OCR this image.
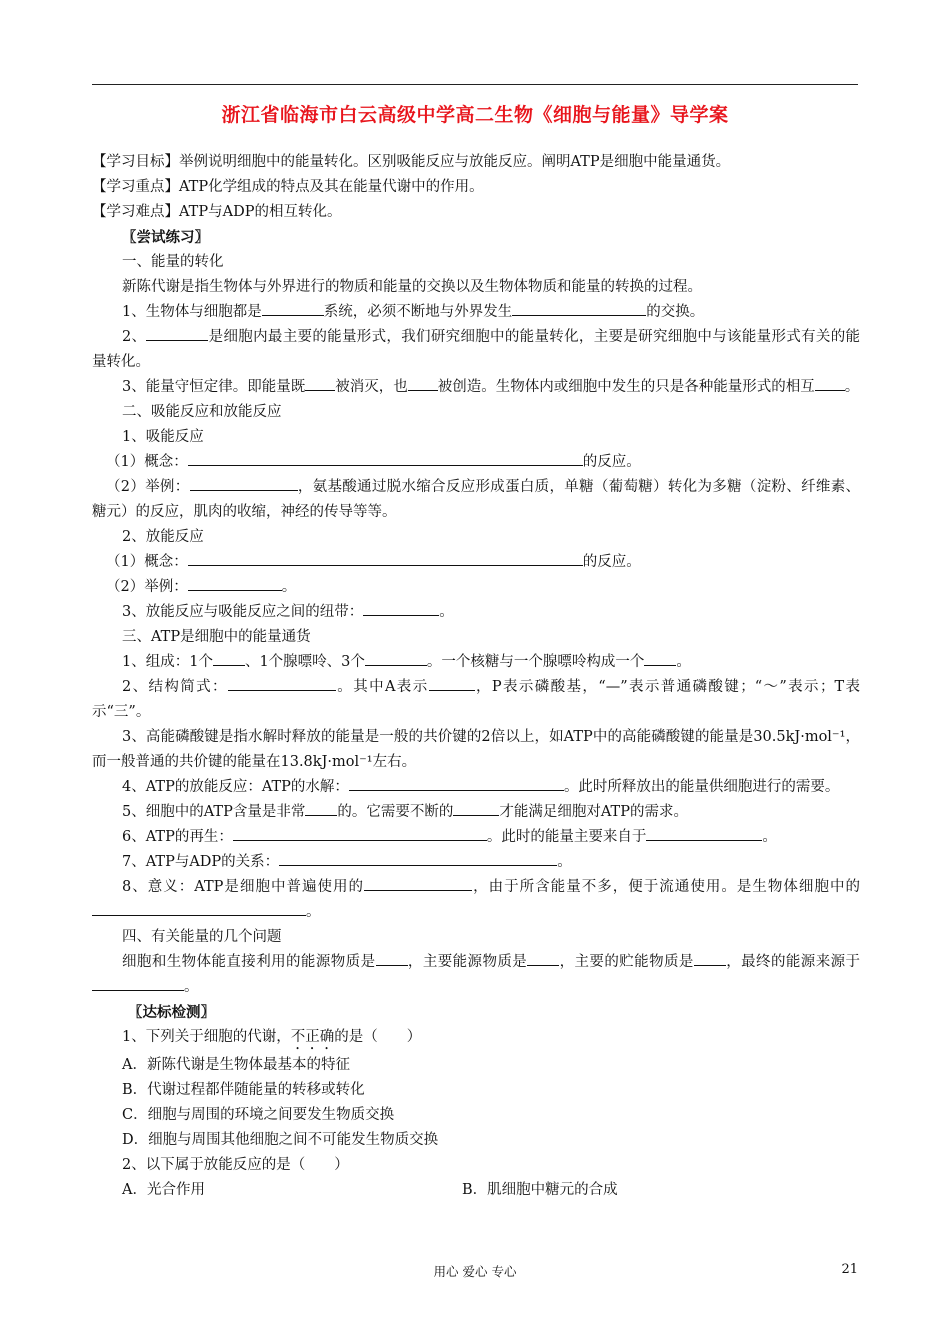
浙江省临海市白云高级中学高二生物《细胞与能量》导学案

【学习目标】举例说明细胞中的能量转化。区别吸能反应与放能反应。阐明ATP是细胞中能量通货。

【学习重点】ATP化学组成的特点及其在能量代谢中的作用。

【学习难点】ATP与ADP的相互转化。

〖尝试练习〗

一、能量的转化

新陈代谢是指生物体与外界进行的物质和能量的交换以及生物体物质和能量的转换的过程。

1、生物体与细胞都是	系统，必须不断地与外界发生	的交换。

2、	是细胞内最主要的能量形式，我们研究细胞中的能量转化，主要是研究细胞中与该能量形式有关的能量转化。

3、能量守恒定律。即能量既 被消灭，也 被创造。生物体内或细胞中发生的只是各种能量形式的相互 。

二、吸能反应和放能反应

1、吸能反应

（1）概念：	的反应。

（2）举例：	，氨基酸通过脱水缩合反应形成蛋白质，单糖（葡萄糖）转化为多糖（淀粉、纤维素、糖元）的反应，肌肉的收缩，神经的传导等等。

2、放能反应

（1）概念：	的反应。

（2）举例：	。

3、放能反应与吸能反应之间的纽带：	。

三、ATP是细胞中的能量通货

1、组成：1个 、1个腺嘌呤、3个	。一个核糖与一个腺嘌呤构成一个 。

2、结构简式：	。其中A表示	，P表示磷酸基，“—”表示普通磷酸键；“～”表示；T表示“三”。

3、高能磷酸键是指水解时释放的能量是一般的共价键的2倍以上，如ATP中的高能磷酸键的能量是30.5kJ·mol⁻¹，而一般普通的共价键的能量在13.8kJ·mol⁻¹左右。

4、ATP的放能反应：ATP的水解：	。此时所释放出的能量供细胞进行的需要。

5、细胞中的ATP含量是非常 的。它需要不断的	才能满足细胞对ATP的需求。

6、ATP的再生：	。此时的能量主要来自于	。

7、ATP与ADP的关系：	。

8、意义：ATP是细胞中普遍使用的	，由于所含能量不多，便于流通使用。是生物体细胞中的。

四、有关能量的几个问题

细胞和生物体能直接利用的能源物质是 ，主要能源物质是 ，主要的贮能物质是 ，最终的能源来源于。

〖达标检测〗

1、下列关于细胞的代谢，不正确的是（　　）

A．新陈代谢是生物体最基本的特征

B．代谢过程都伴随能量的转移或转化

C．细胞与周围的环境之间要发生物质交换

D．细胞与周围其他细胞之间不可能发生物质交换

2、以下属于放能反应的是（　　）

A．光合作用	B．肌细胞中糖元的合成
用心 爱心 专心	21
